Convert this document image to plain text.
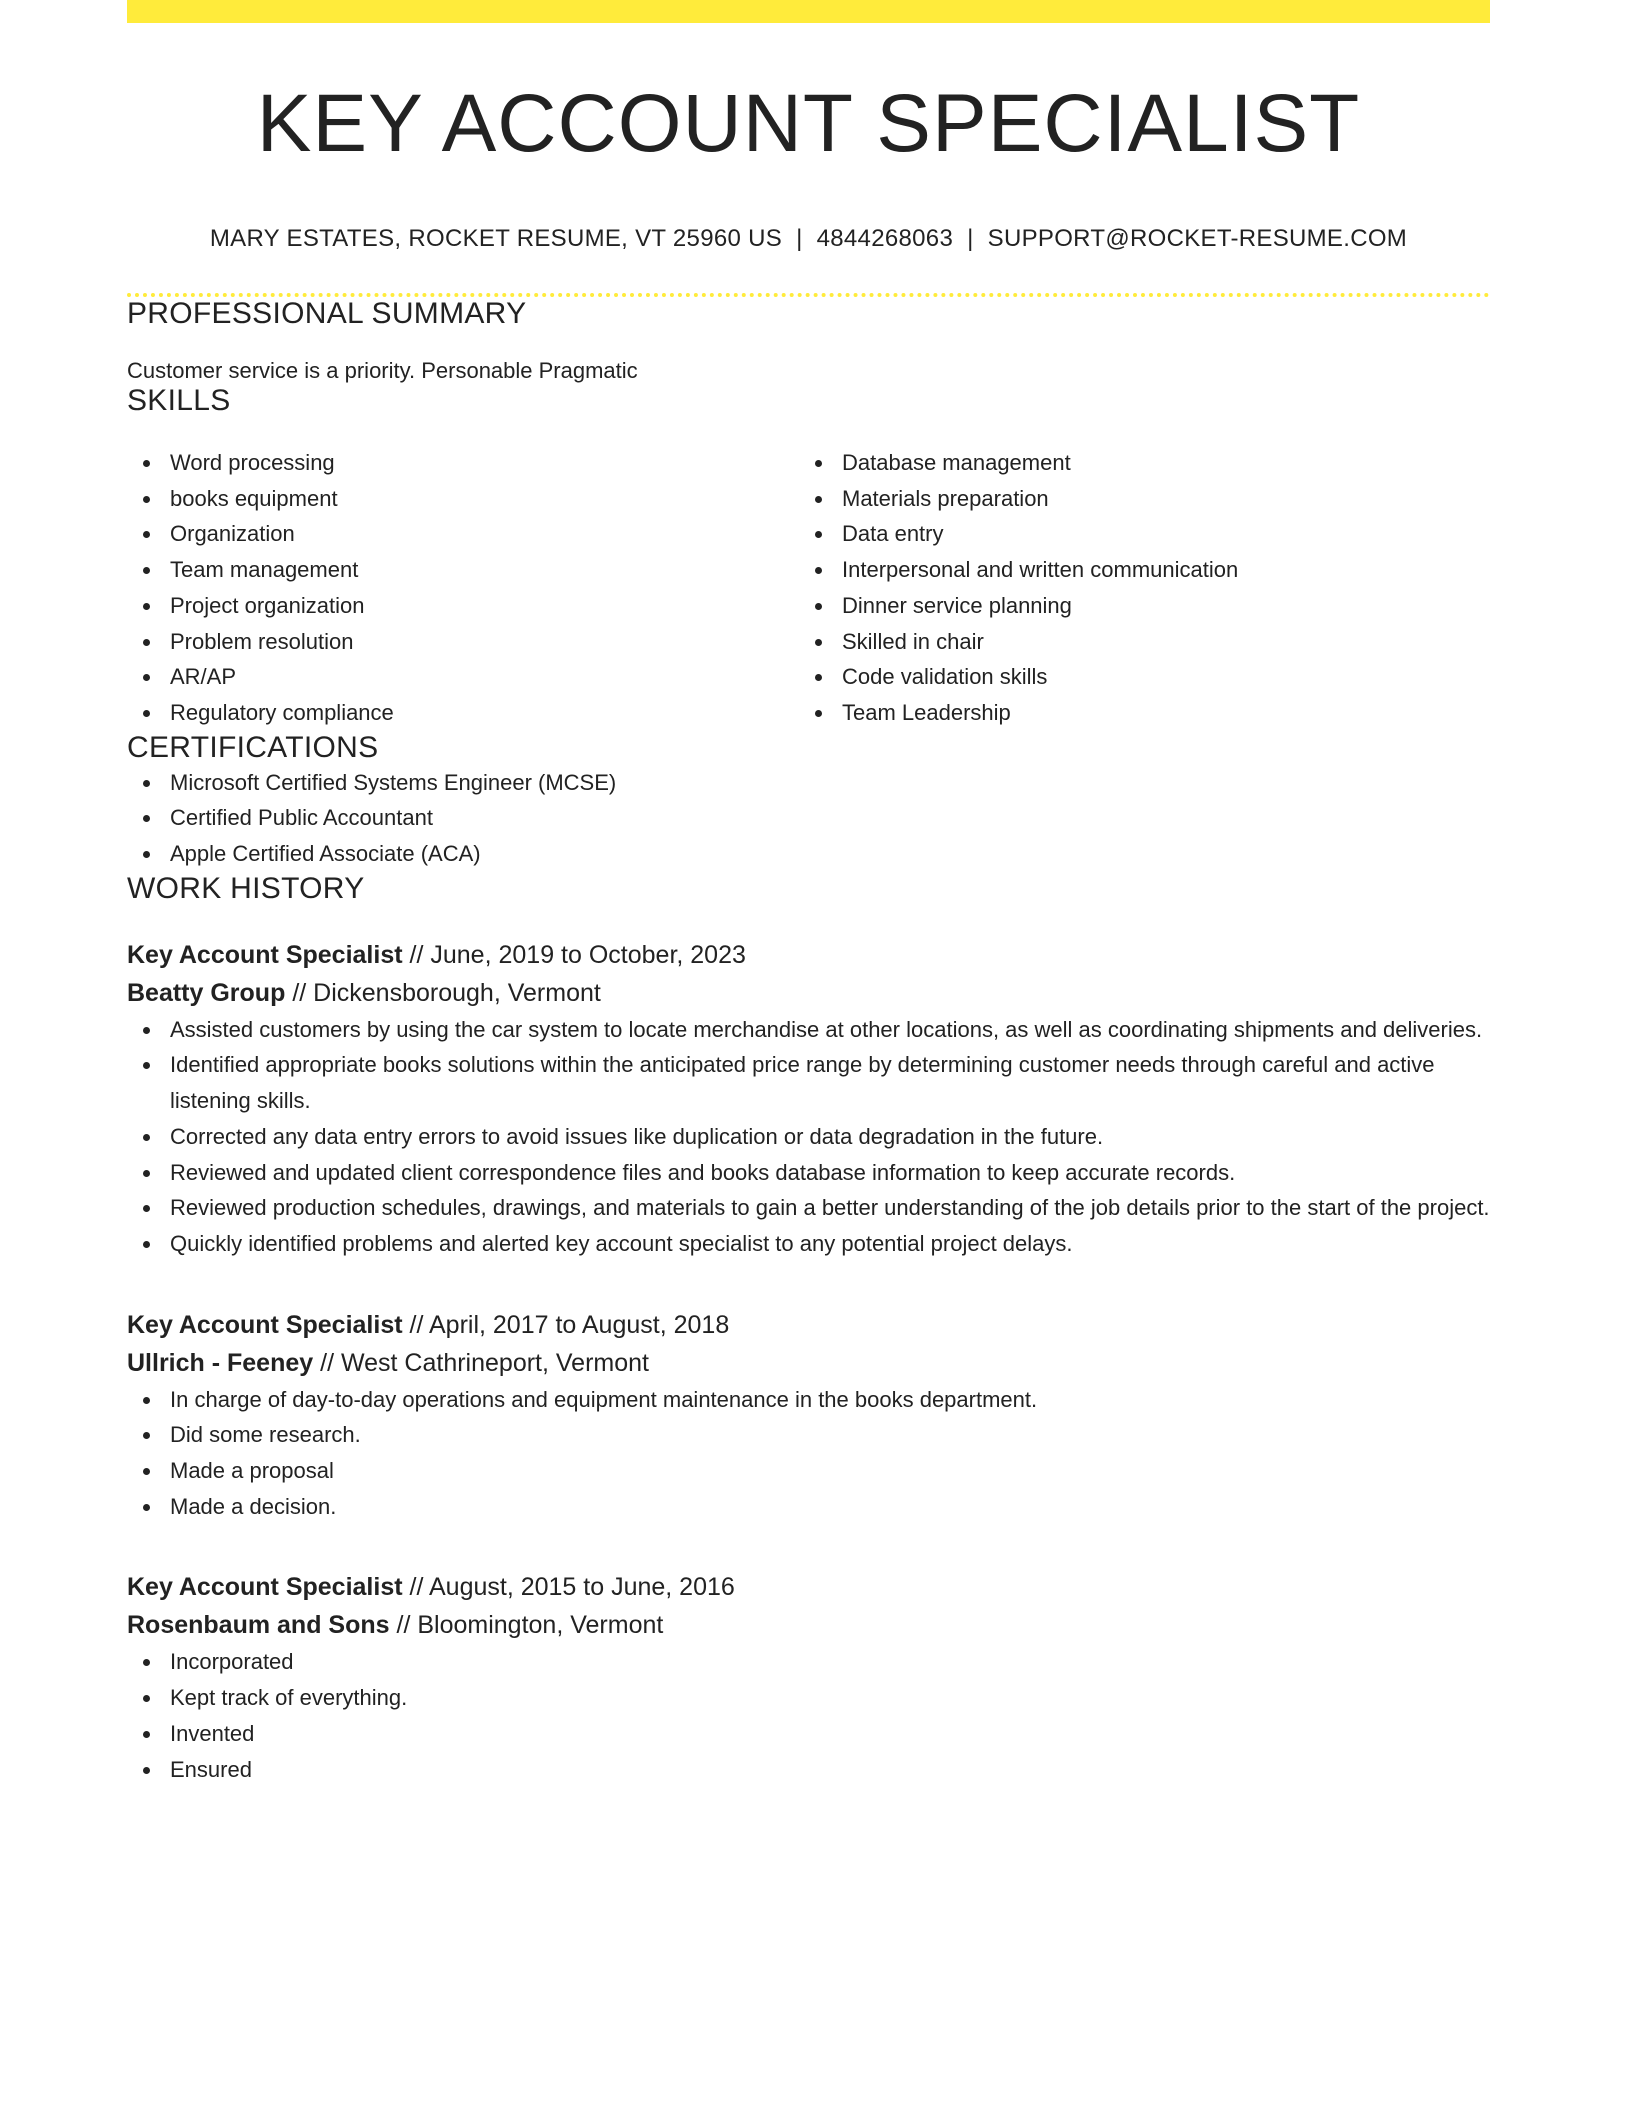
KEY ACCOUNT SPECIALIST
MARY ESTATES, ROCKET RESUME, VT 25960 US | 4844268063 | SUPPORT@ROCKET-RESUME.COM
PROFESSIONAL SUMMARY
Customer service is a priority. Personable Pragmatic
SKILLS
Word processing
books equipment
Organization
Team management
Project organization
Problem resolution
AR/AP
Regulatory compliance
Database management
Materials preparation
Data entry
Interpersonal and written communication
Dinner service planning
Skilled in chair
Code validation skills
Team Leadership
CERTIFICATIONS
Microsoft Certified Systems Engineer (MCSE)
Certified Public Accountant
Apple Certified Associate (ACA)
WORK HISTORY
Key Account Specialist // June, 2019 to October, 2023
Beatty Group // Dickensborough, Vermont
Assisted customers by using the car system to locate merchandise at other locations, as well as coordinating shipments and deliveries.
Identified appropriate books solutions within the anticipated price range by determining customer needs through careful and active listening skills.
Corrected any data entry errors to avoid issues like duplication or data degradation in the future.
Reviewed and updated client correspondence files and books database information to keep accurate records.
Reviewed production schedules, drawings, and materials to gain a better understanding of the job details prior to the start of the project.
Quickly identified problems and alerted key account specialist to any potential project delays.
Key Account Specialist // April, 2017 to August, 2018
Ullrich - Feeney // West Cathrineport, Vermont
In charge of day-to-day operations and equipment maintenance in the books department.
Did some research.
Made a proposal
Made a decision.
Key Account Specialist // August, 2015 to June, 2016
Rosenbaum and Sons // Bloomington, Vermont
Incorporated
Kept track of everything.
Invented
Ensured
